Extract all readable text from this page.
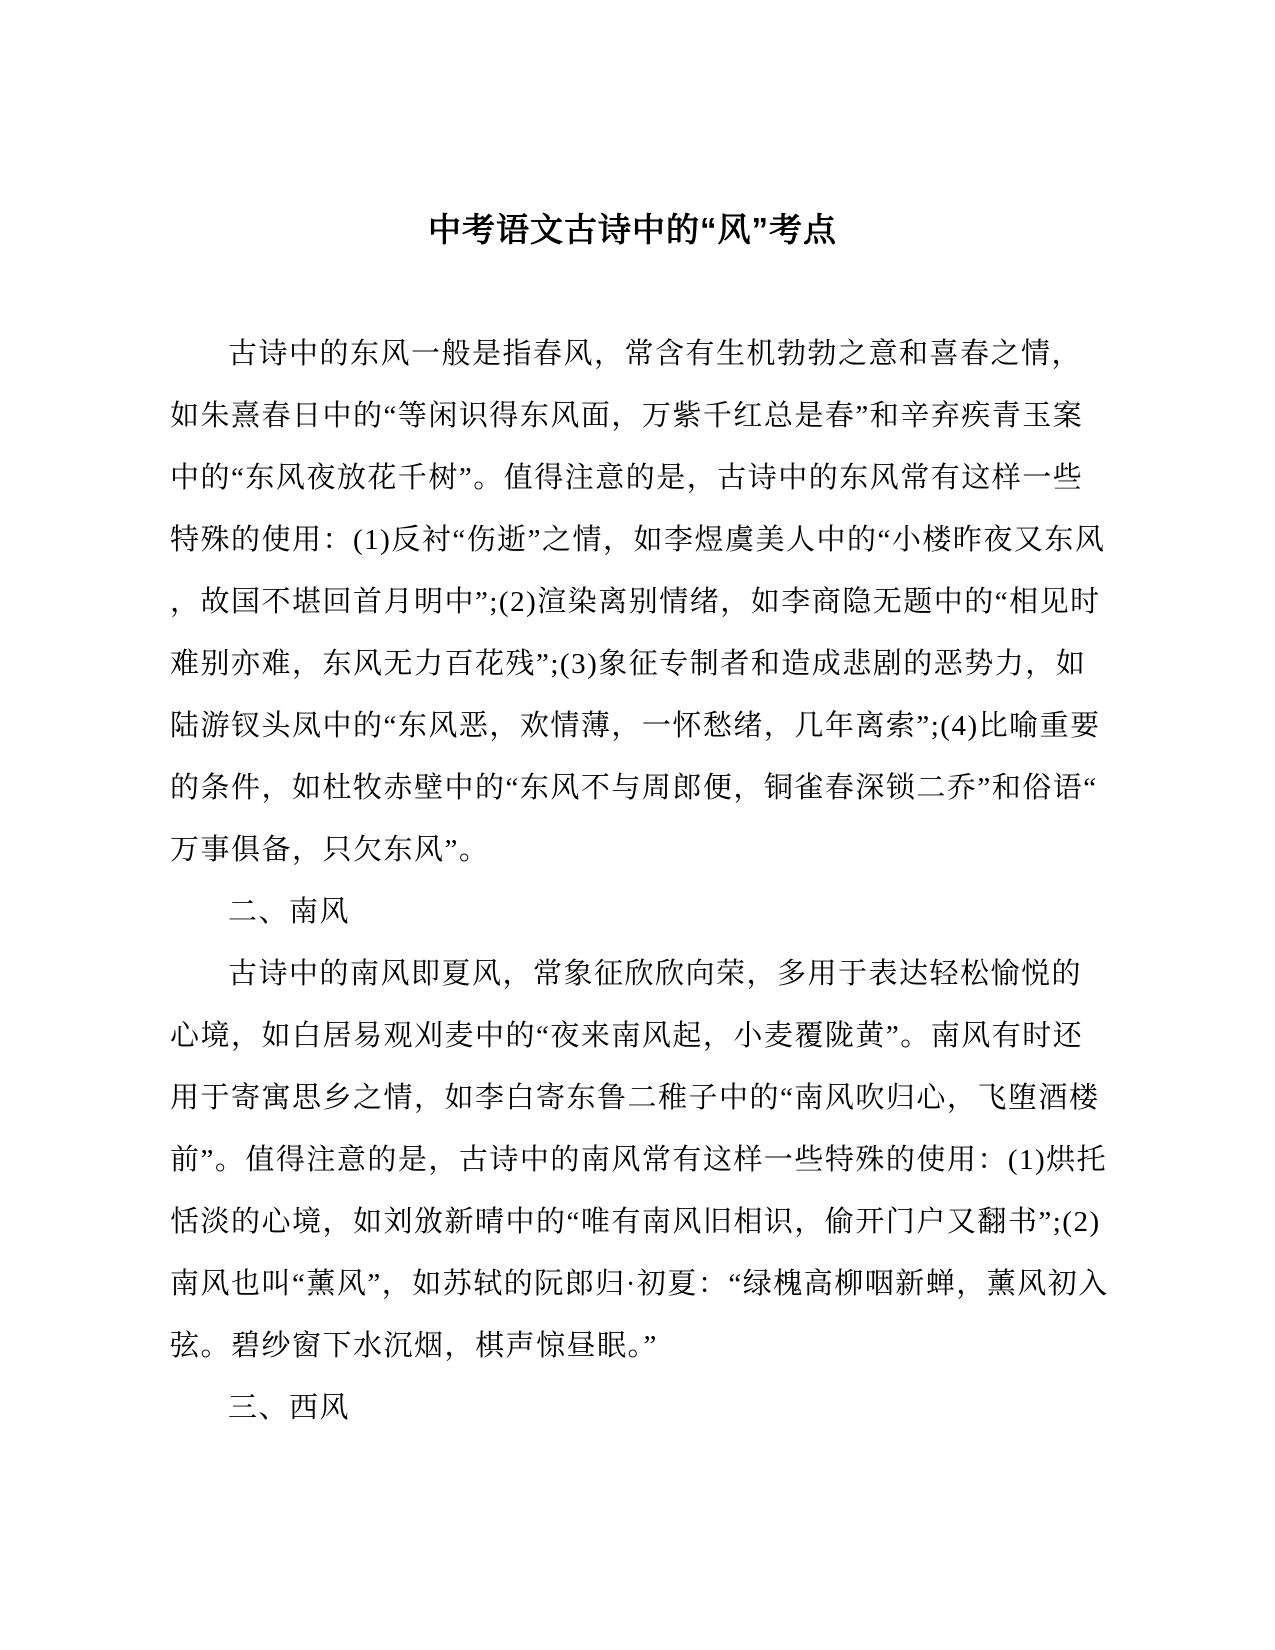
中考语文古诗中的“风”考点
古诗中的东风一般是指春风，常含有生机勃勃之意和喜春之情，
如朱熹春日中的“等闲识得东风面，万紫千红总是春”和辛弃疾青玉案
中的“东风夜放花千树”。值得注意的是，古诗中的东风常有这样一些
特殊的使用：(1)反衬“伤逝”之情，如李煜虞美人中的“小楼昨夜又东风
，故国不堪回首月明中”;(2)渲染离别情绪，如李商隐无题中的“相见时
难别亦难，东风无力百花残”;(3)象征专制者和造成悲剧的恶势力，如
陆游钗头凤中的“东风恶，欢情薄，一怀愁绪，几年离索”;(4)比喻重要
的条件，如杜牧赤壁中的“东风不与周郎便，铜雀春深锁二乔”和俗语“
万事俱备，只欠东风”。
二、南风
古诗中的南风即夏风，常象征欣欣向荣，多用于表达轻松愉悦的
心境，如白居易观刈麦中的“夜来南风起，小麦覆陇黄”。南风有时还
用于寄寓思乡之情，如李白寄东鲁二稚子中的“南风吹归心，飞堕酒楼
前”。值得注意的是，古诗中的南风常有这样一些特殊的使用：(1)烘托
恬淡的心境，如刘攽新晴中的“唯有南风旧相识，偷开门户又翻书”;(2)
南风也叫“薰风”，如苏轼的阮郎归·初夏：“绿槐高柳咽新蝉，薰风初入
弦。碧纱窗下水沉烟，棋声惊昼眠。”
三、西风
